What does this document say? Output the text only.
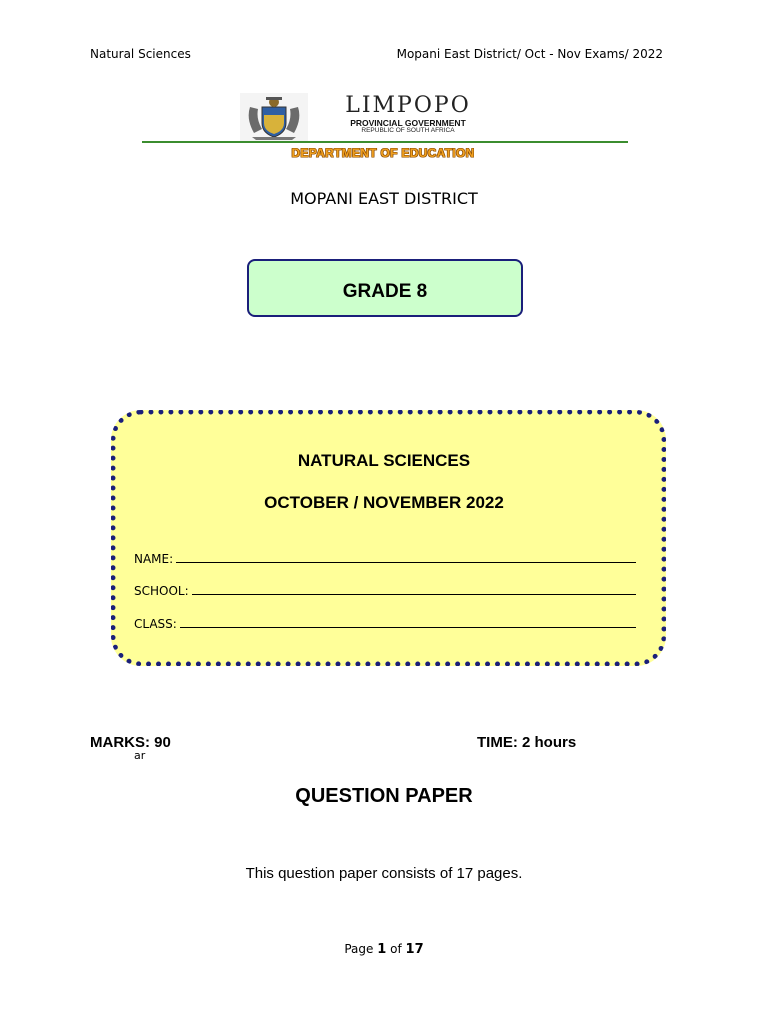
Natural Sciences	Mopani East District/ Oct - Nov Exams/ 2022
LIMPOPO
PROVINCIAL GOVERNMENT
REPUBLIC OF SOUTH AFRICA
DEPARTMENT OF EDUCATION
MOPANI EAST DISTRICT
GRADE 8
NATURAL SCIENCES
OCTOBER / NOVEMBER 2022
NAME:
SCHOOL:
CLASS:
MARKS: 90
ar
TIME: 2 hours
QUESTION PAPER
This question paper consists of 17 pages.
Page 1 of 17
